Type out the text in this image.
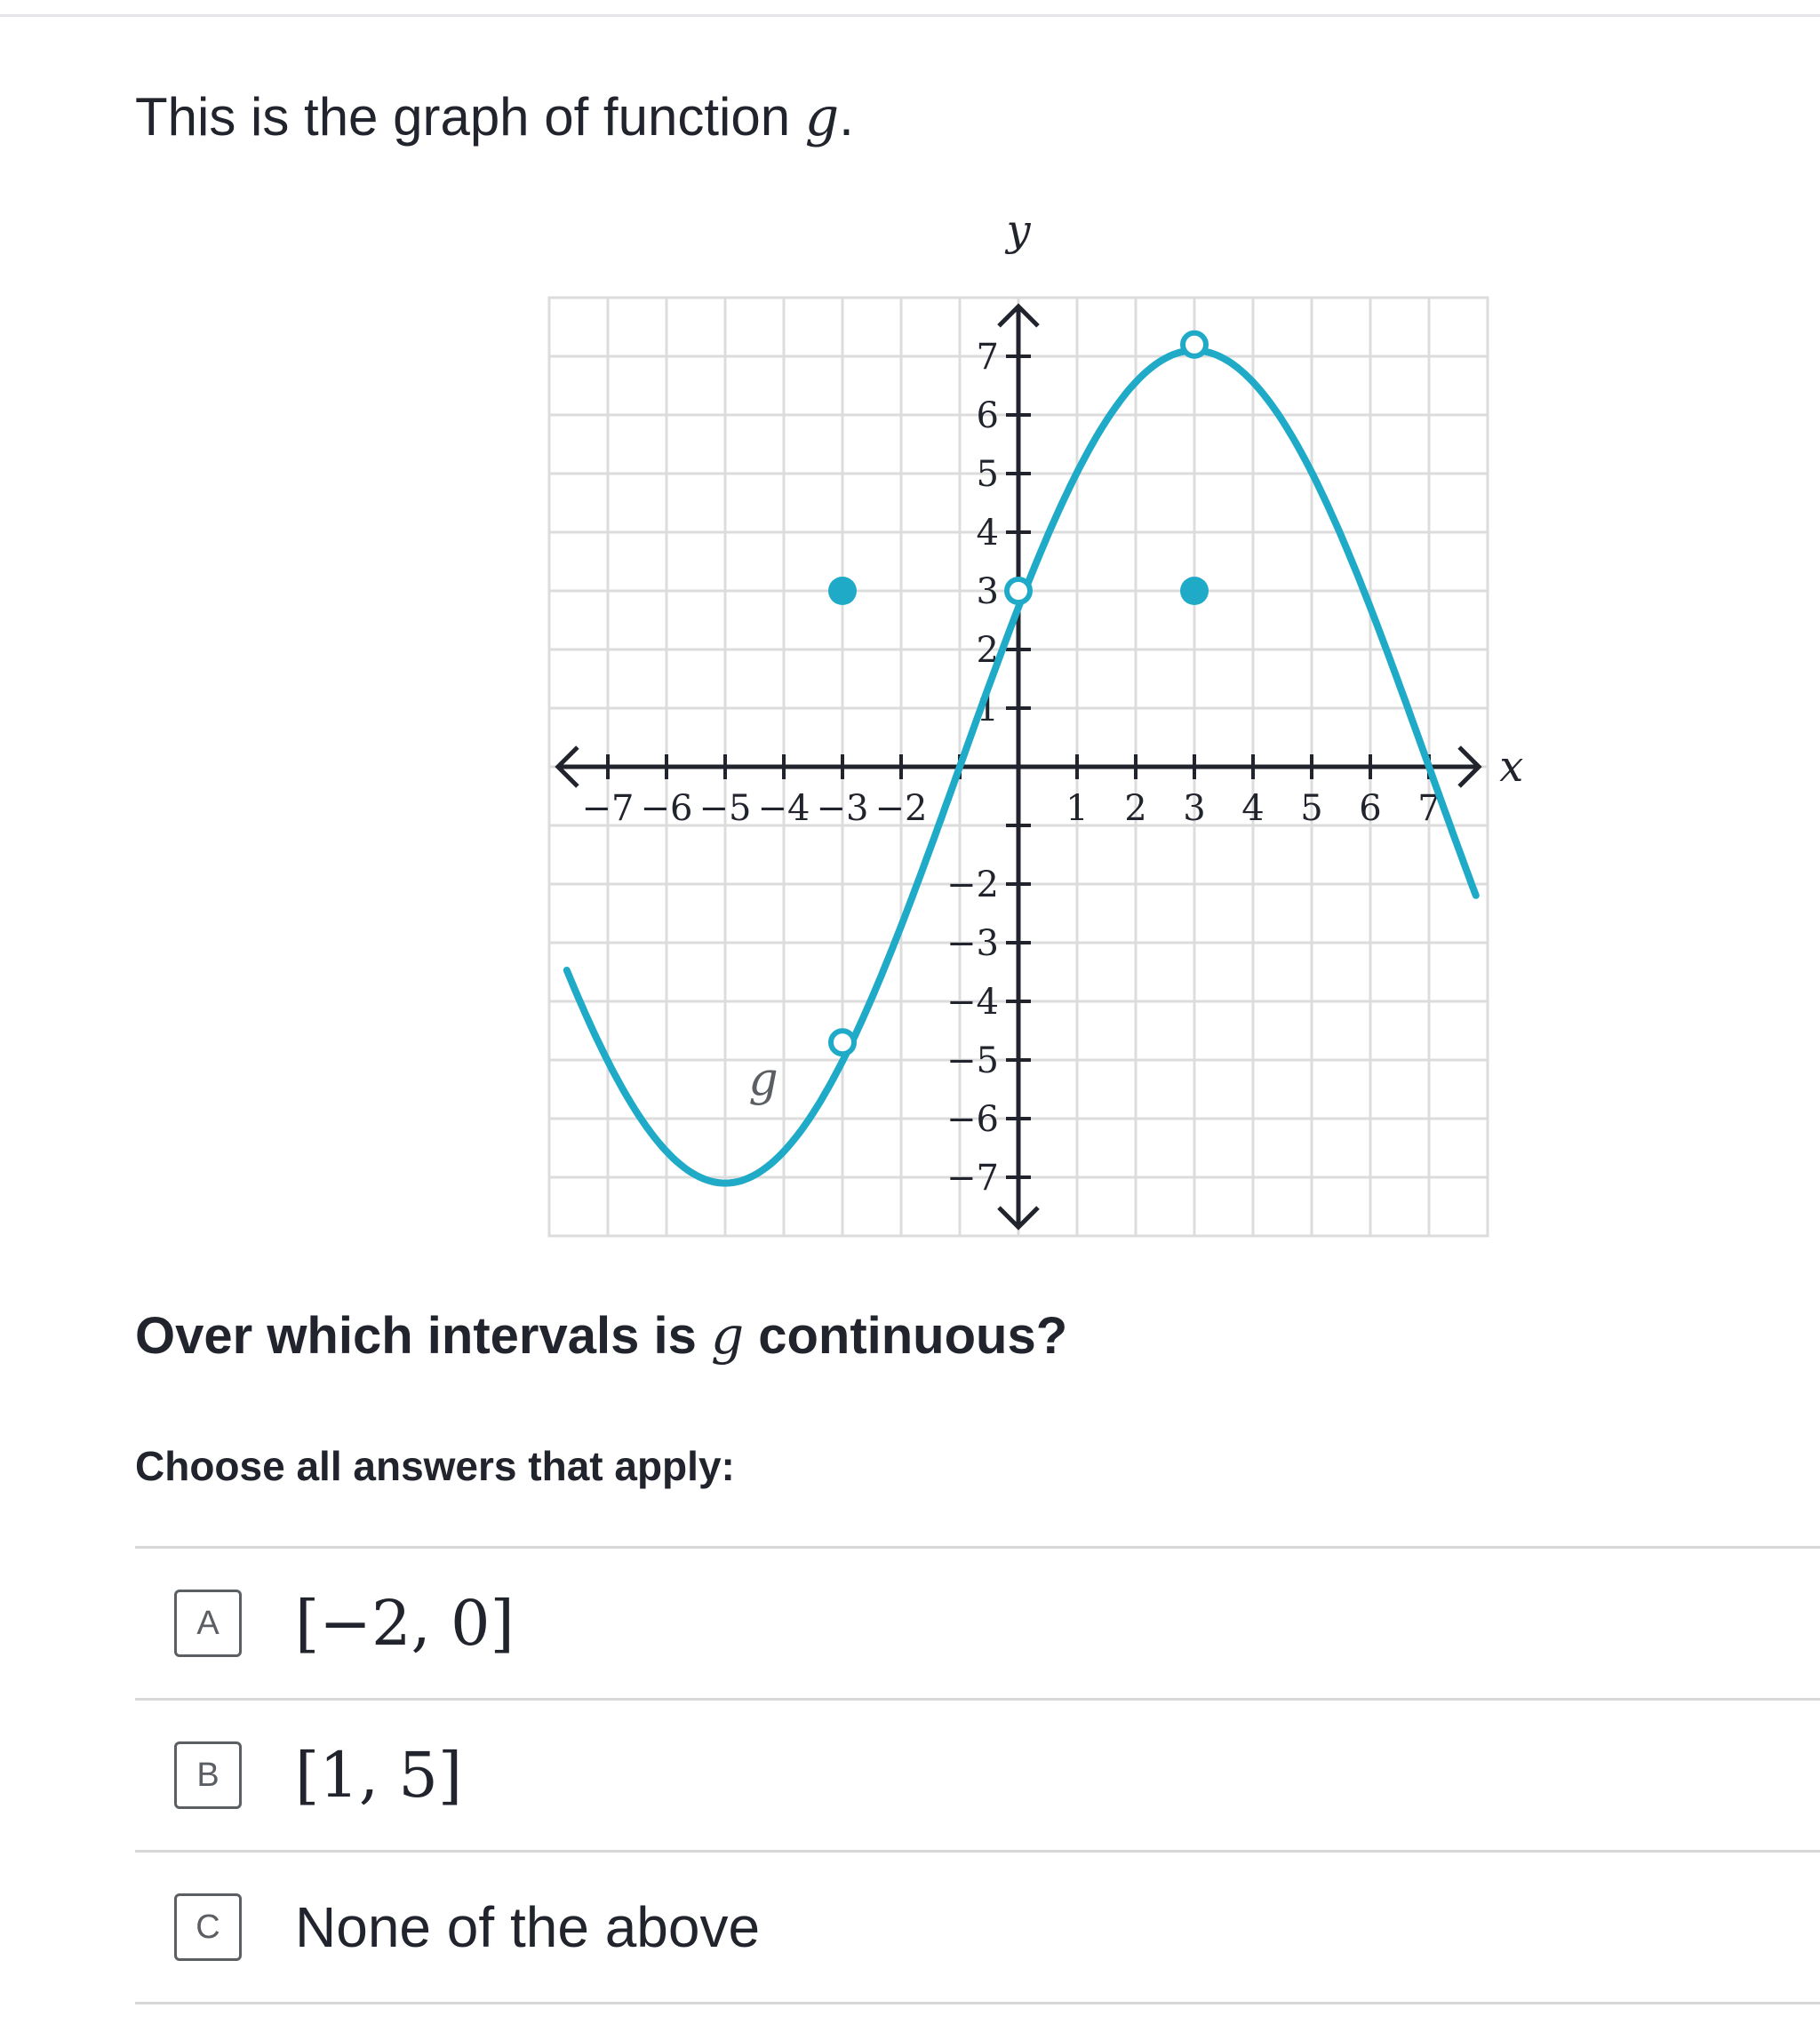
This is the graph of function g.
−7 −6 −5 −4 −3 −2	1 2 3 4 5 6 7
7
6
5
4
3
2
1
−2
−3
−4
−5
−6
−7
x
y
g
Over which intervals is g continuous?
Choose all answers that apply:
A	[−2, 0]
B	[1, 5]
C	None of the above
